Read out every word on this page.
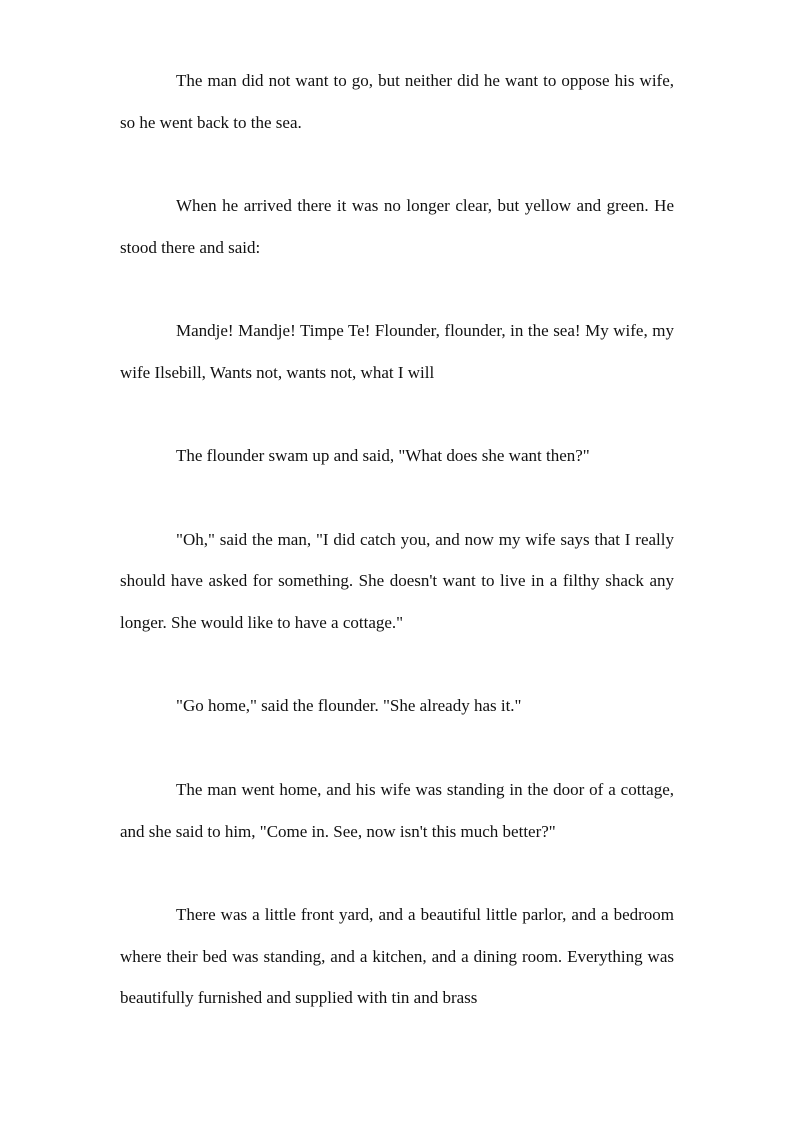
The man did not want to go, but neither did he want to oppose his wife, so he went back to the sea.

When he arrived there it was no longer clear, but yellow and green. He stood there and said:

Mandje! Mandje! Timpe Te! Flounder, flounder, in the sea! My wife, my wife Ilsebill, Wants not, wants not, what I will

The flounder swam up and said, "What does she want then?"

"Oh," said the man, "I did catch you, and now my wife says that I really should have asked for something. She doesn't want to live in a filthy shack any longer. She would like to have a cottage."

"Go home," said the flounder. "She already has it."

The man went home, and his wife was standing in the door of a cottage, and she said to him, "Come in. See, now isn't this much better?"

There was a little front yard, and a beautiful little parlor, and a bedroom where their bed was standing, and a kitchen, and a dining room. Everything was beautifully furnished and supplied with tin and brass
